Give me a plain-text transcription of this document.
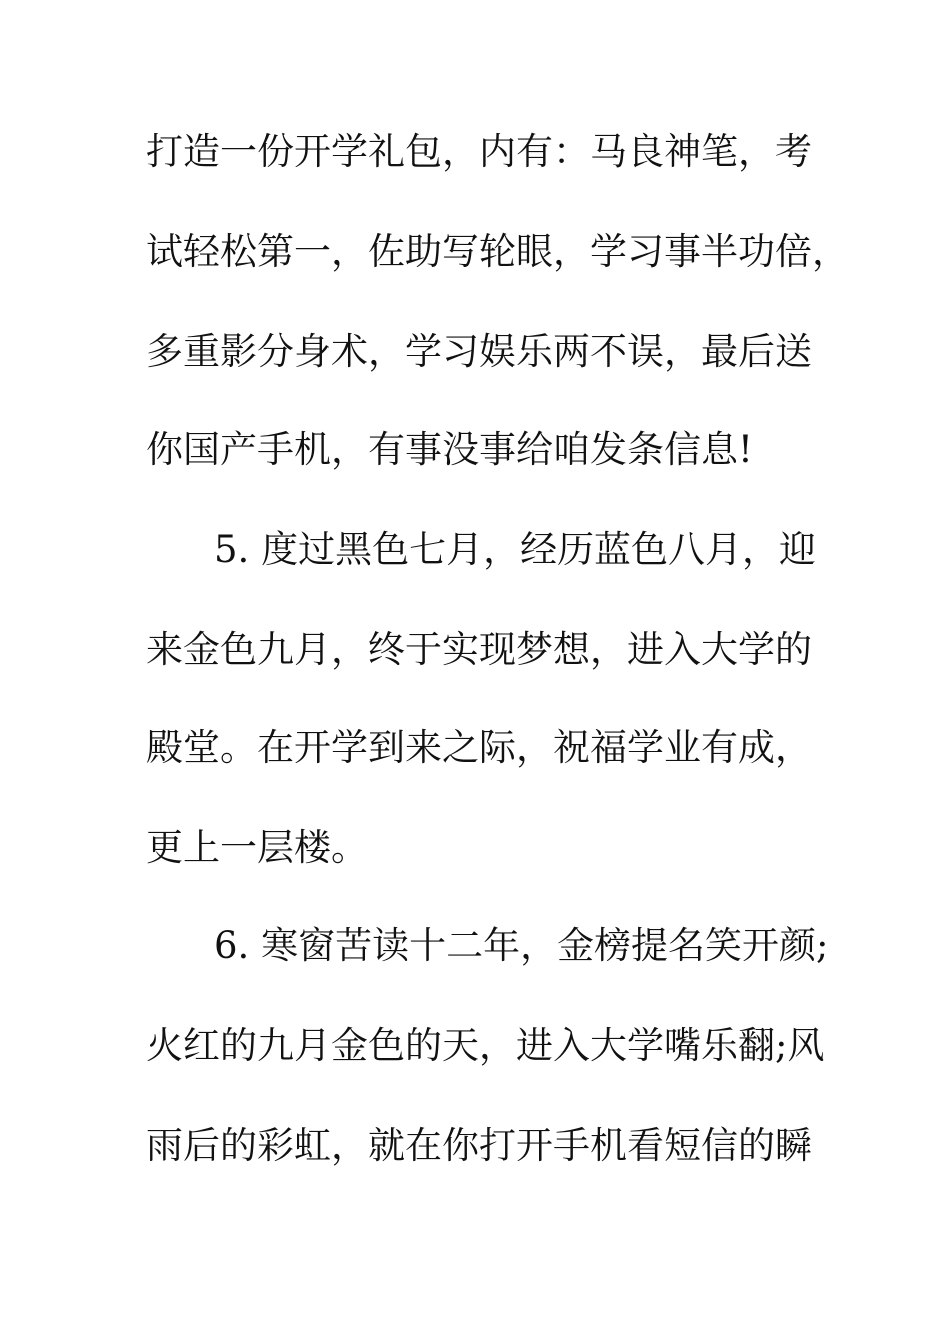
打造一份开学礼包，内有：马良神笔，考
试轻松第一，佐助写轮眼，学习事半功倍，
多重影分身术，学习娱乐两不误，最后送
你国产手机，有事没事给咱发条信息!
5. 度过黑色七月，经历蓝色八月，迎
来金色九月，终于实现梦想，进入大学的
殿堂。在开学到来之际，祝福学业有成，
更上一层楼。
6. 寒窗苦读十二年，金榜提名笑开颜;
火红的九月金色的天，进入大学嘴乐翻;风
雨后的彩虹，就在你打开手机看短信的瞬
